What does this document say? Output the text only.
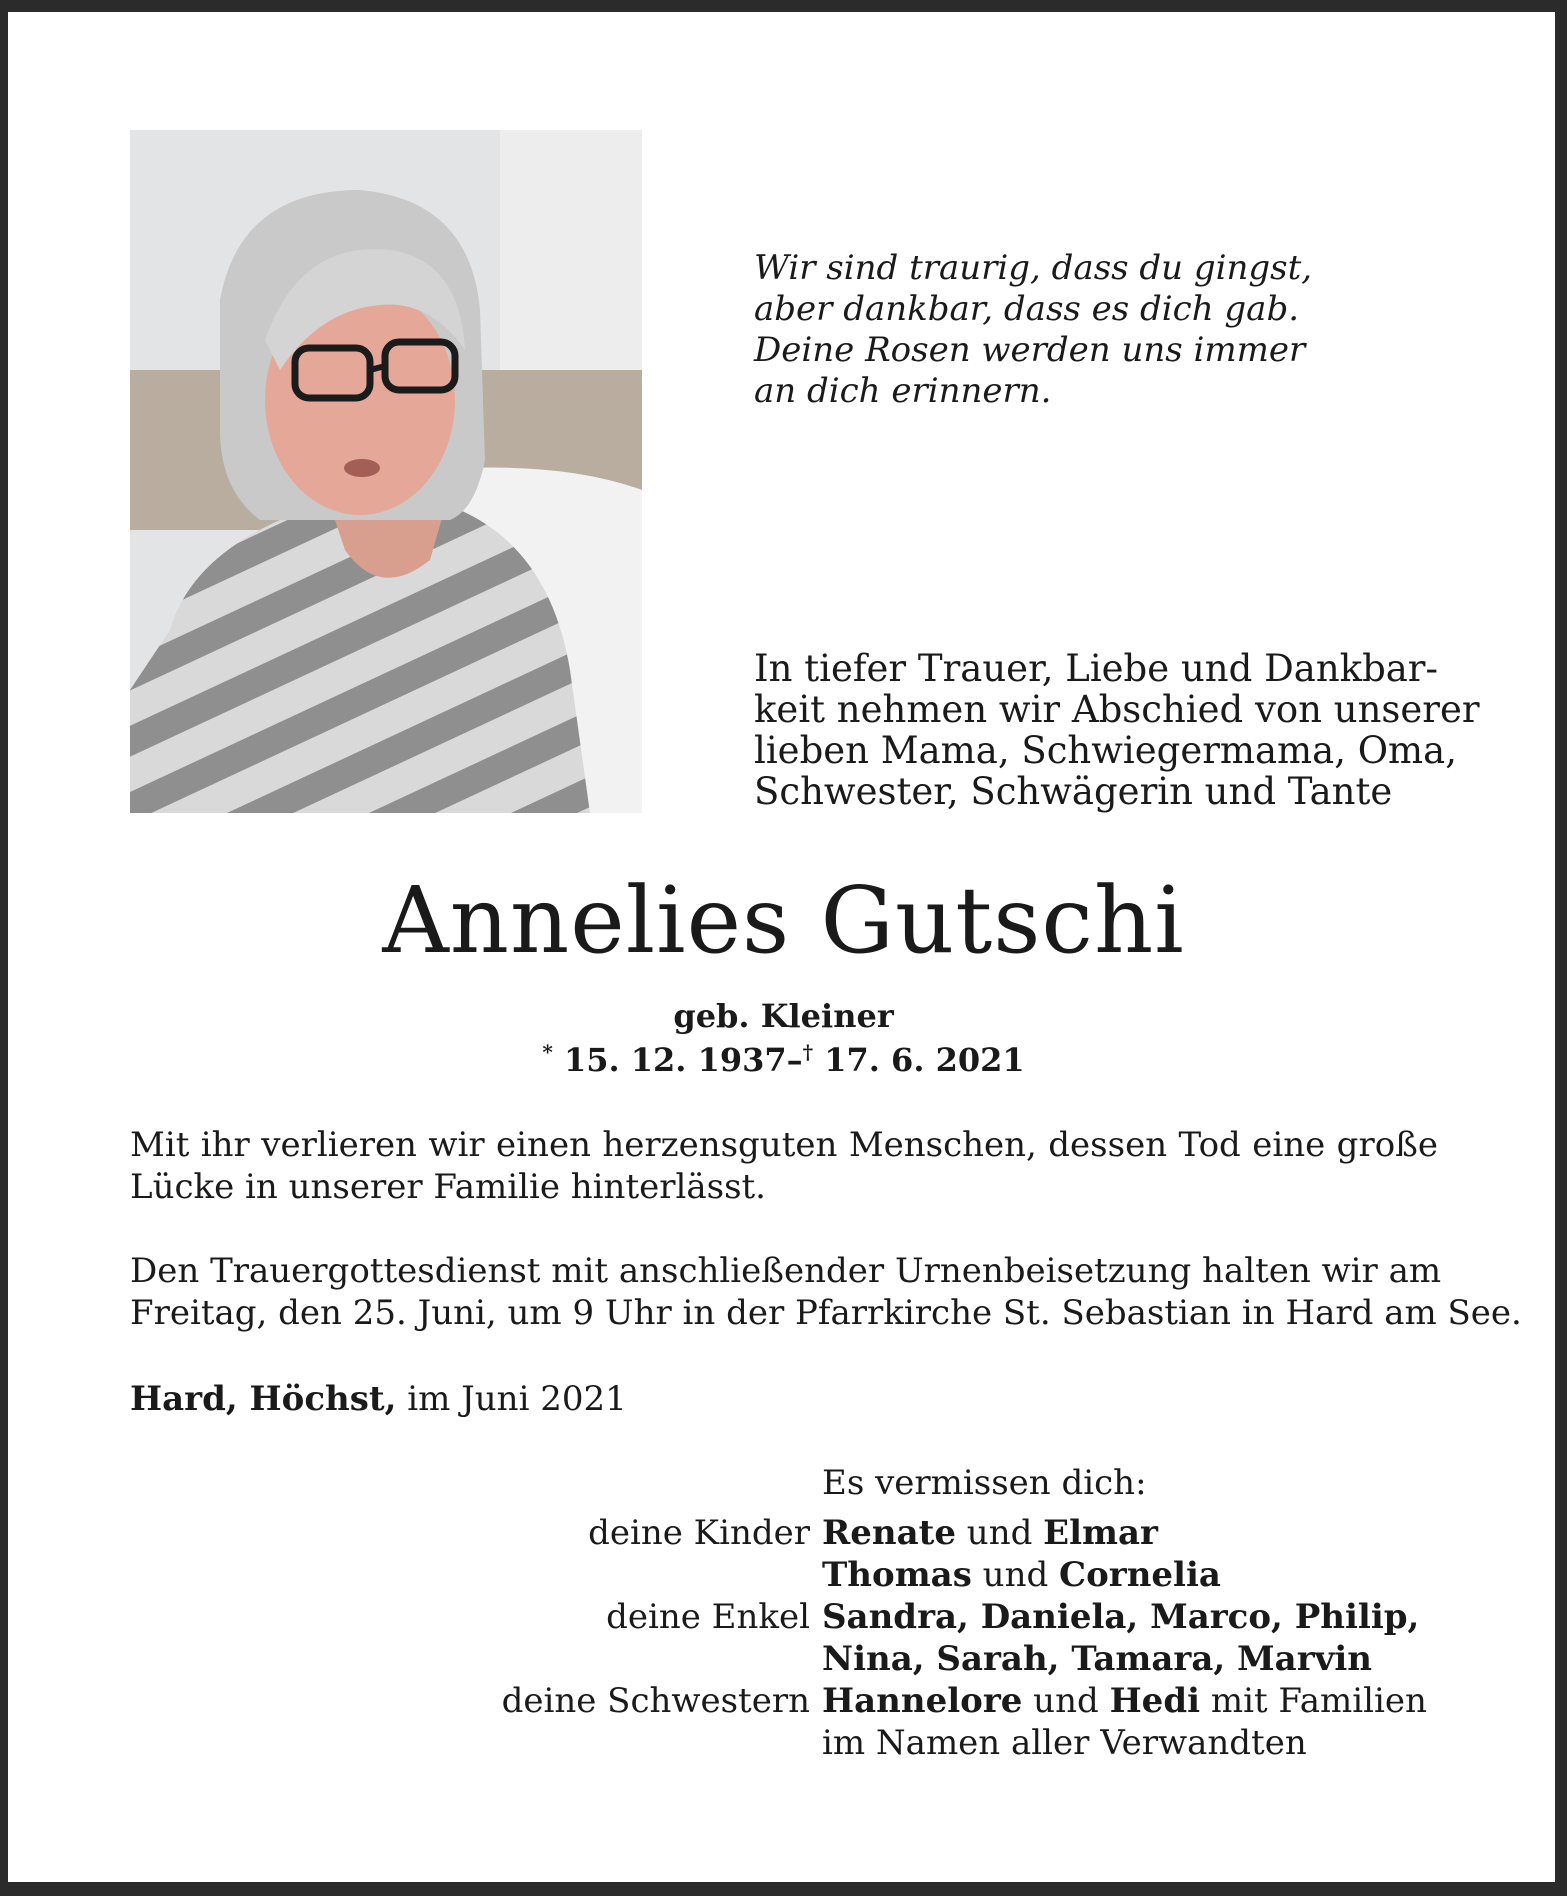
Wir sind traurig, dass du gingst,
aber dankbar, dass es dich gab.
Deine Rosen werden uns immer
an dich erinnern.
In tiefer Trauer, Liebe und Dankbar-
keit nehmen wir Abschied von unserer
lieben Mama, Schwiegermama, Oma,
Schwester, Schwägerin und Tante
Annelies Gutschi
geb. Kleiner
* 15. 12. 1937–† 17. 6. 2021
Mit ihr verlieren wir einen herzensguten Menschen, dessen Tod eine große
Lücke in unserer Familie hinterlässt.
Den Trauergottesdienst mit anschließender Urnenbeisetzung halten wir am
Freitag, den 25. Juni, um 9 Uhr in der Pfarrkirche St. Sebastian in Hard am See.
Hard, Höchst, im Juni 2021
Es vermissen dich:
deine Kinder Renate und Elmar
Thomas und Cornelia
deine Enkel Sandra, Daniela, Marco, Philip,
Nina, Sarah, Tamara, Marvin
deine Schwestern Hannelore und Hedi mit Familien
im Namen aller Verwandten
